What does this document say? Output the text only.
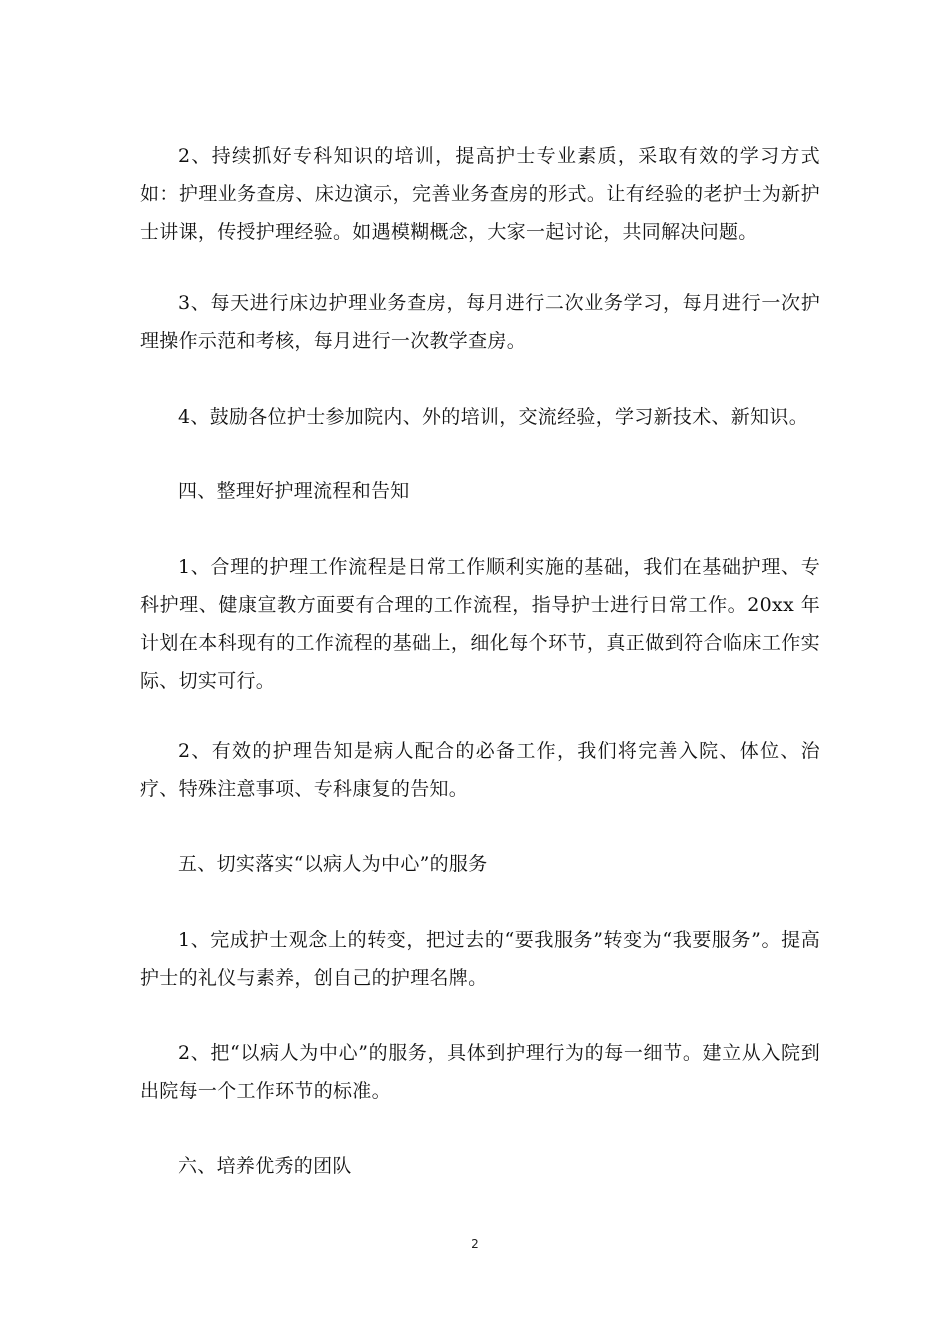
2、持续抓好专科知识的培训，提高护士专业素质，采取有效的学习方式如：护理业务查房、床边演示，完善业务查房的形式。让有经验的老护士为新护士讲课，传授护理经验。如遇模糊概念，大家一起讨论，共同解决问题。

3、每天进行床边护理业务查房，每月进行二次业务学习，每月进行一次护理操作示范和考核，每月进行一次教学查房。

4、鼓励各位护士参加院内、外的培训，交流经验，学习新技术、新知识。

四、整理好护理流程和告知

1、合理的护理工作流程是日常工作顺利实施的基础，我们在基础护理、专科护理、健康宣教方面要有合理的工作流程，指导护士进行日常工作。20xx 年计划在本科现有的工作流程的基础上，细化每个环节，真正做到符合临床工作实际、切实可行。

2、有效的护理告知是病人配合的必备工作，我们将完善入院、体位、治疗、特殊注意事项、专科康复的告知。

五、切实落实“以病人为中心”的服务

1、完成护士观念上的转变，把过去的“要我服务”转变为“我要服务”。提高护士的礼仪与素养，创自己的护理名牌。

2、把“以病人为中心”的服务，具体到护理行为的每一细节。建立从入院到出院每一个工作环节的标准。

六、培养优秀的团队

2
